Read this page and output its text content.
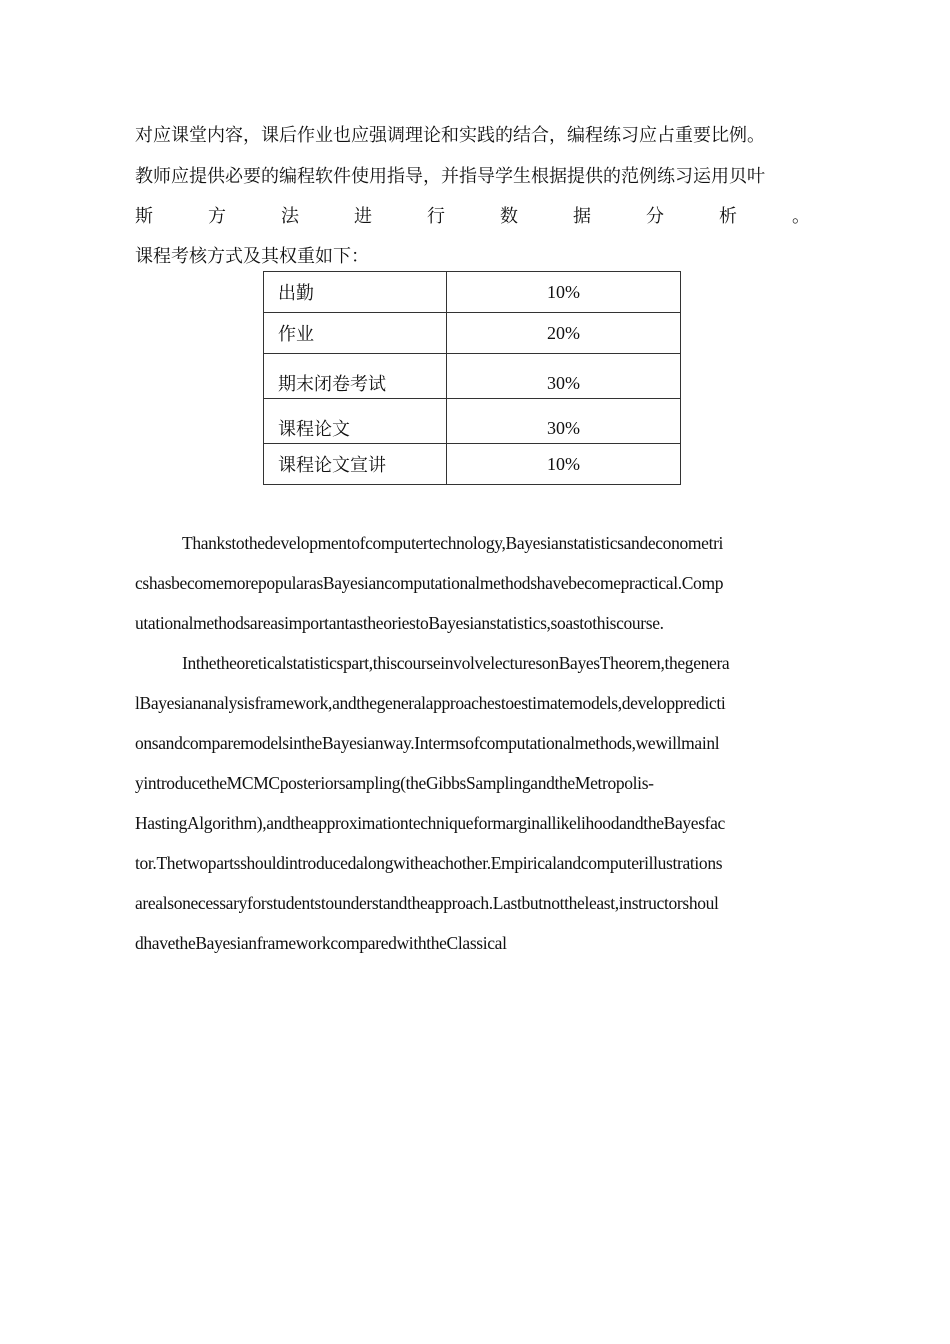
对应课堂内容，课后作业也应强调理论和实践的结合，编程练习应占重要比例。
教师应提供必要的编程软件使用指导，并指导学生根据提供的范例练习运用贝叶
斯	方	法	进	行	数	据	分	析	。
课程考核方式及其权重如下：
出勤	10%
作业	20%
期末闭卷考试	30%
课程论文	30%
课程论文宣讲	10%
Thankstothedevelopmentofcomputertechnology,Bayesianstatisticsandeconometri
cshasbecomemorepopularasBayesiancomputationalmethodshavebecomepractical.Comp
utationalmethodsareasimportantastheoriestoBayesianstatistics,soastothiscourse.
Inthetheoreticalstatisticspart,thiscourseinvolvelecturesonBayesTheorem,thegenera
lBayesiananalysisframework,andthegeneralapproachestoestimatemodels,developpredicti
onsandcomparemodelsintheBayesianway.Intermsofcomputationalmethods,wewillmainl
yintroducetheMCMCposteriorsampling(theGibbsSamplingandtheMetropolis-
HastingAlgorithm),andtheapproximationtechniqueformarginallikelihoodandtheBayesfac
tor.Thetwopartsshouldintroducedalongwitheachother.Empiricalandcomputerillustrations
arealsonecessaryforstudentstounderstandtheapproach.Lastbutnottheleast,instructorshoul
dhavetheBayesianframeworkcomparedwiththeClassical
